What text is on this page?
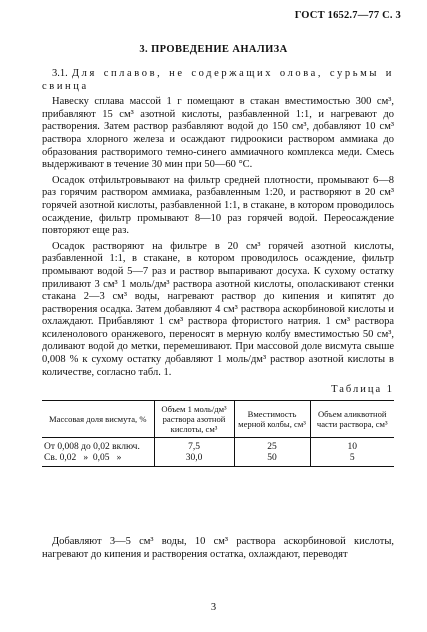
ГОСТ 1652.7—77 С. 3
3. ПРОВЕДЕНИЕ АНАЛИЗА

3.1. Для сплавов, не содержащих олова, сурьмы и свинца

Навеску сплава массой 1 г помещают в стакан вместимостью 300 см³, прибавляют 15 см³ азотной кислоты, разбавленной 1:1, и нагревают до растворения. Затем раствор разбавляют водой до 150 см³, добавляют 10 см³ раствора хлорного железа и осаждают гидроокиси раствором аммиака до образования растворимого темно-синего аммиачного комплекса меди. Смесь выдерживают в течение 30 мин при 50—60 °С.

Осадок отфильтровывают на фильтр средней плотности, промывают 6—8 раз горячим раствором аммиака, разбавленным 1:20, и растворяют в 20 см³ горячей азотной кислоты, разбавленной 1:1, в стакане, в котором проводилось осаждение, фильтр промывают 8—10 раз горячей водой. Переосаждение повторяют еще раз.

Осадок растворяют на фильтре в 20 см³ горячей азотной кислоты, разбавленной 1:1, в стакане, в котором проводилось осаждение, фильтр промывают водой 5—7 раз и раствор выпаривают досуха. К сухому остатку приливают 3 см³ 1 моль/дм³ раствора азотной кислоты, ополаскивают стенки стакана 2—3 см³ воды, нагревают раствор до кипения и кипятят до растворения осадка. Затем добавляют 4 см³ раствора аскорбиновой кислоты и охлаждают. Прибавляют 1 см³ раствора фтористого натрия. 1 см³ раствора ксиленолового оранжевого, переносят в мерную колбу вместимостью 50 см³, доливают водой до метки, перемешивают. При массовой доле висмута свыше 0,008 % к сухому остатку добавляют 1 моль/дм³ раствор азотной кислоты в количестве, согласно табл. 1.

Таблица 1
Массовая доля висмута, %	Объем 1 моль/дм³ раствора азотной кислоты, см³	Вместимость мерной колбы, см³	Объем аликвотной части раствора, см³
От 0,008 до 0,02 включ.	7,5	25	10
Св. 0,02   »  0,05   »	30,0	50	5

Добавляют 3—5 см³ воды, 10 см³ раствора аскорбиновой кислоты, нагревают до кипения и растворения остатка, охлаждают, переводят

3
